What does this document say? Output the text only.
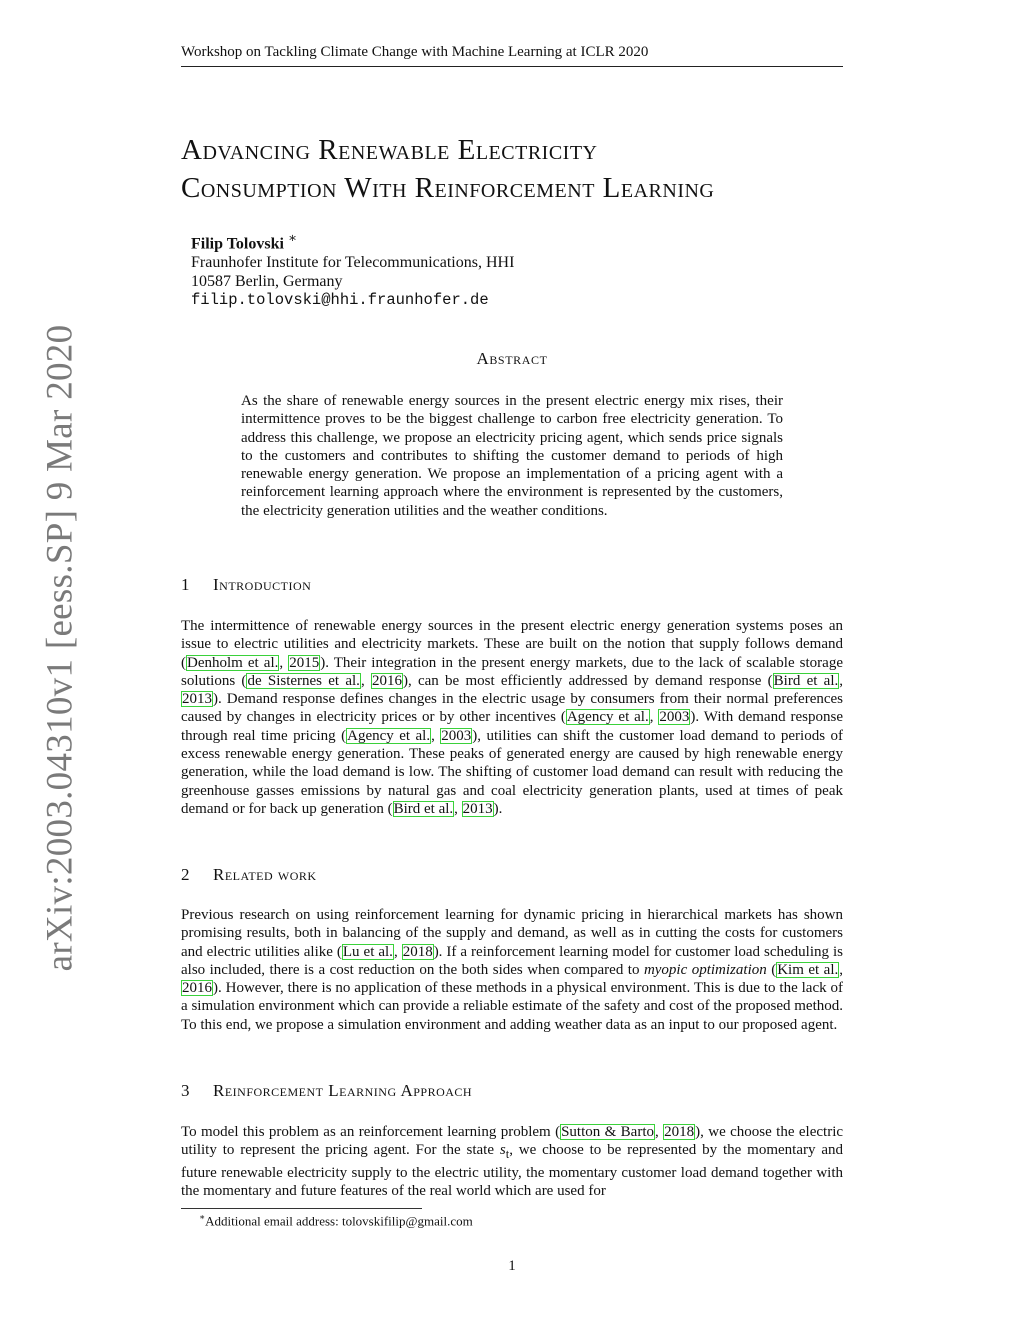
Workshop on Tackling Climate Change with Machine Learning at ICLR 2020
arXiv:2003.04310v1 [eess.SP] 9 Mar 2020
Advancing Renewable Electricity
Consumption With Reinforcement Learning
Filip Tolovski ∗
Fraunhofer Institute for Telecommunications, HHI
10587 Berlin, Germany
filip.tolovski@hhi.fraunhofer.de
Abstract
As the share of renewable energy sources in the present electric energy mix rises, their intermittence proves to be the biggest challenge to carbon free electricity generation. To address this challenge, we propose an electricity pricing agent, which sends price signals to the customers and contributes to shifting the customer demand to periods of high renewable energy generation. We propose an implementation of a pricing agent with a reinforcement learning approach where the environment is represented by the customers, the electricity generation utilities and the weather conditions.
1 Introduction
The intermittence of renewable energy sources in the present electric energy generation systems poses an issue to electric utilities and electricity markets. These are built on the notion that supply follows demand (Denholm et al., 2015). Their integration in the present energy markets, due to the lack of scalable storage solutions (de Sisternes et al., 2016), can be most efficiently addressed by demand response (Bird et al., 2013). Demand response defines changes in the electric usage by consumers from their normal preferences caused by changes in electricity prices or by other incentives (Agency et al., 2003). With demand response through real time pricing (Agency et al., 2003), utilities can shift the customer load demand to periods of excess renewable energy generation. These peaks of generated energy are caused by high renewable energy generation, while the load demand is low. The shifting of customer load demand can result with reducing the greenhouse gasses emissions by natural gas and coal electricity generation plants, used at times of peak demand or for back up generation (Bird et al., 2013).
2 Related work
Previous research on using reinforcement learning for dynamic pricing in hierarchical markets has shown promising results, both in balancing of the supply and demand, as well as in cutting the costs for customers and electric utilities alike (Lu et al., 2018). If a reinforcement learning model for customer load scheduling is also included, there is a cost reduction on the both sides when compared to myopic optimization (Kim et al., 2016). However, there is no application of these methods in a physical environment. This is due to the lack of a simulation environment which can provide a reliable estimate of the safety and cost of the proposed method. To this end, we propose a simulation environment and adding weather data as an input to our proposed agent.
3 Reinforcement Learning Approach
To model this problem as an reinforcement learning problem (Sutton & Barto, 2018), we choose the electric utility to represent the pricing agent. For the state $s_t$, we choose to be represented by the momentary and future renewable electricity supply to the electric utility, the momentary customer load demand together with the momentary and future features of the real world which are used for
∗Additional email address: tolovskifilip@gmail.com
1
